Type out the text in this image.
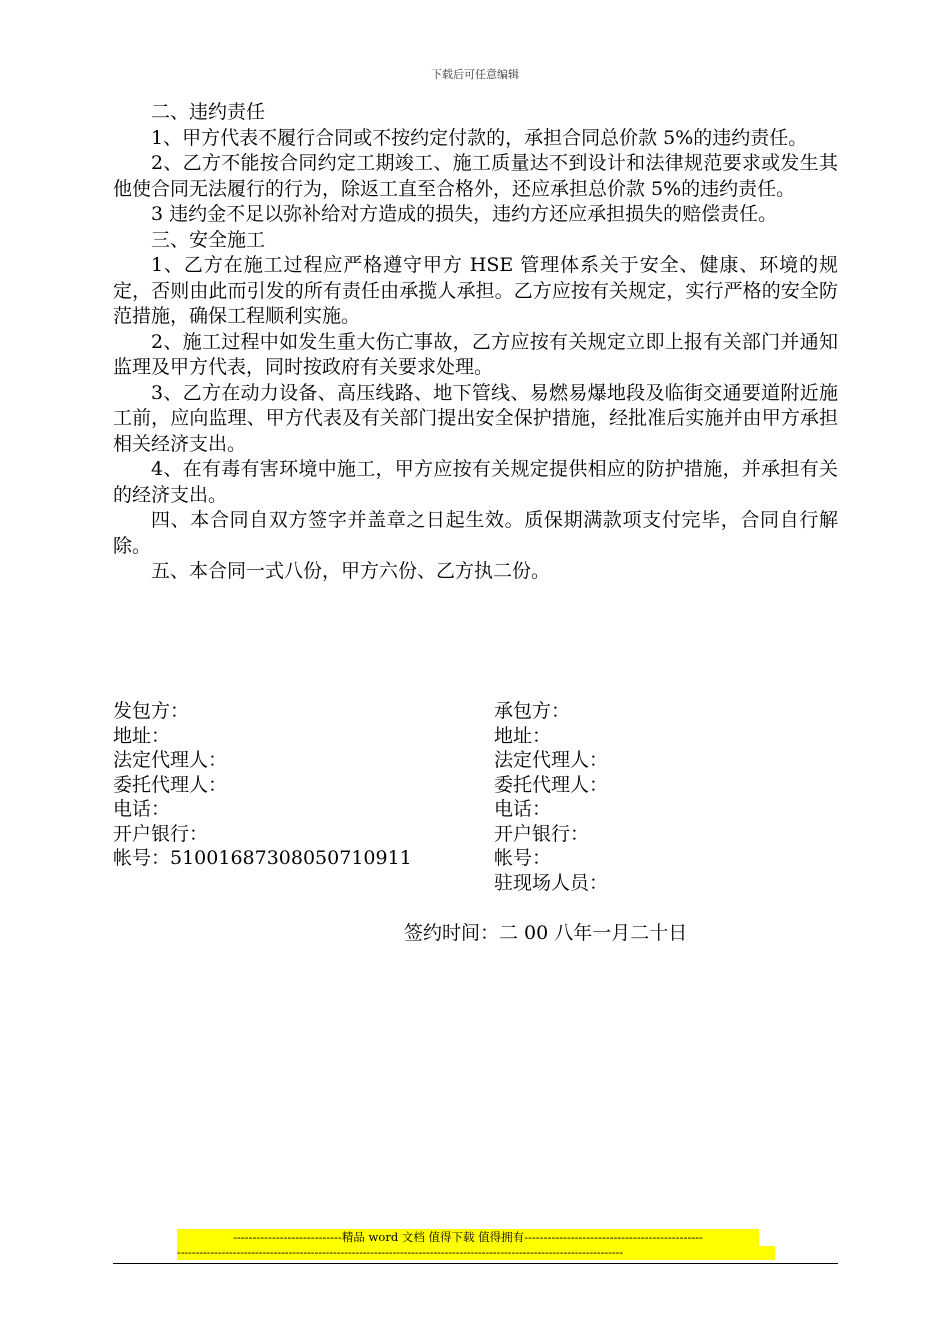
下载后可任意编辑

二、违约责任

1、甲方代表不履行合同或不按约定付款的，承担合同总价款 5%的违约责任。

2、乙方不能按合同约定工期竣工、施工质量达不到设计和法律规范要求或发生其他使合同无法履行的行为，除返工直至合格外，还应承担总价款 5%的违约责任。

3 违约金不足以弥补给对方造成的损失，违约方还应承担损失的赔偿责任。

三、安全施工

1、乙方在施工过程应严格遵守甲方 HSE 管理体系关于安全、健康、环境的规定，否则由此而引发的所有责任由承揽人承担。乙方应按有关规定，实行严格的安全防范措施，确保工程顺利实施。

2、施工过程中如发生重大伤亡事故，乙方应按有关规定立即上报有关部门并通知监理及甲方代表，同时按政府有关要求处理。

3、乙方在动力设备、高压线路、地下管线、易燃易爆地段及临街交通要道附近施工前，应向监理、甲方代表及有关部门提出安全保护措施，经批准后实施并由甲方承担相关经济支出。

4、在有毒有害环境中施工，甲方应按有关规定提供相应的防护措施，并承担有关的经济支出。

四、本合同自双方签字并盖章之日起生效。质保期满款项支付完毕，合同自行解除。

五、本合同一式八份，甲方六份、乙方执二份。

发包方：
地址：
法定代理人：
委托代理人：
电话：
开户银行：
帐号：51001687308050710911
承包方：
地址：
法定代理人：
委托代理人：
电话：
开户银行：
帐号：
驻现场人员：
签约时间：二 00 八年一月二十日
----------------------------精品 word 文档 值得下载 值得拥有----------------------------------------------
------------------------------------------------------------------------------------------------------------------------
